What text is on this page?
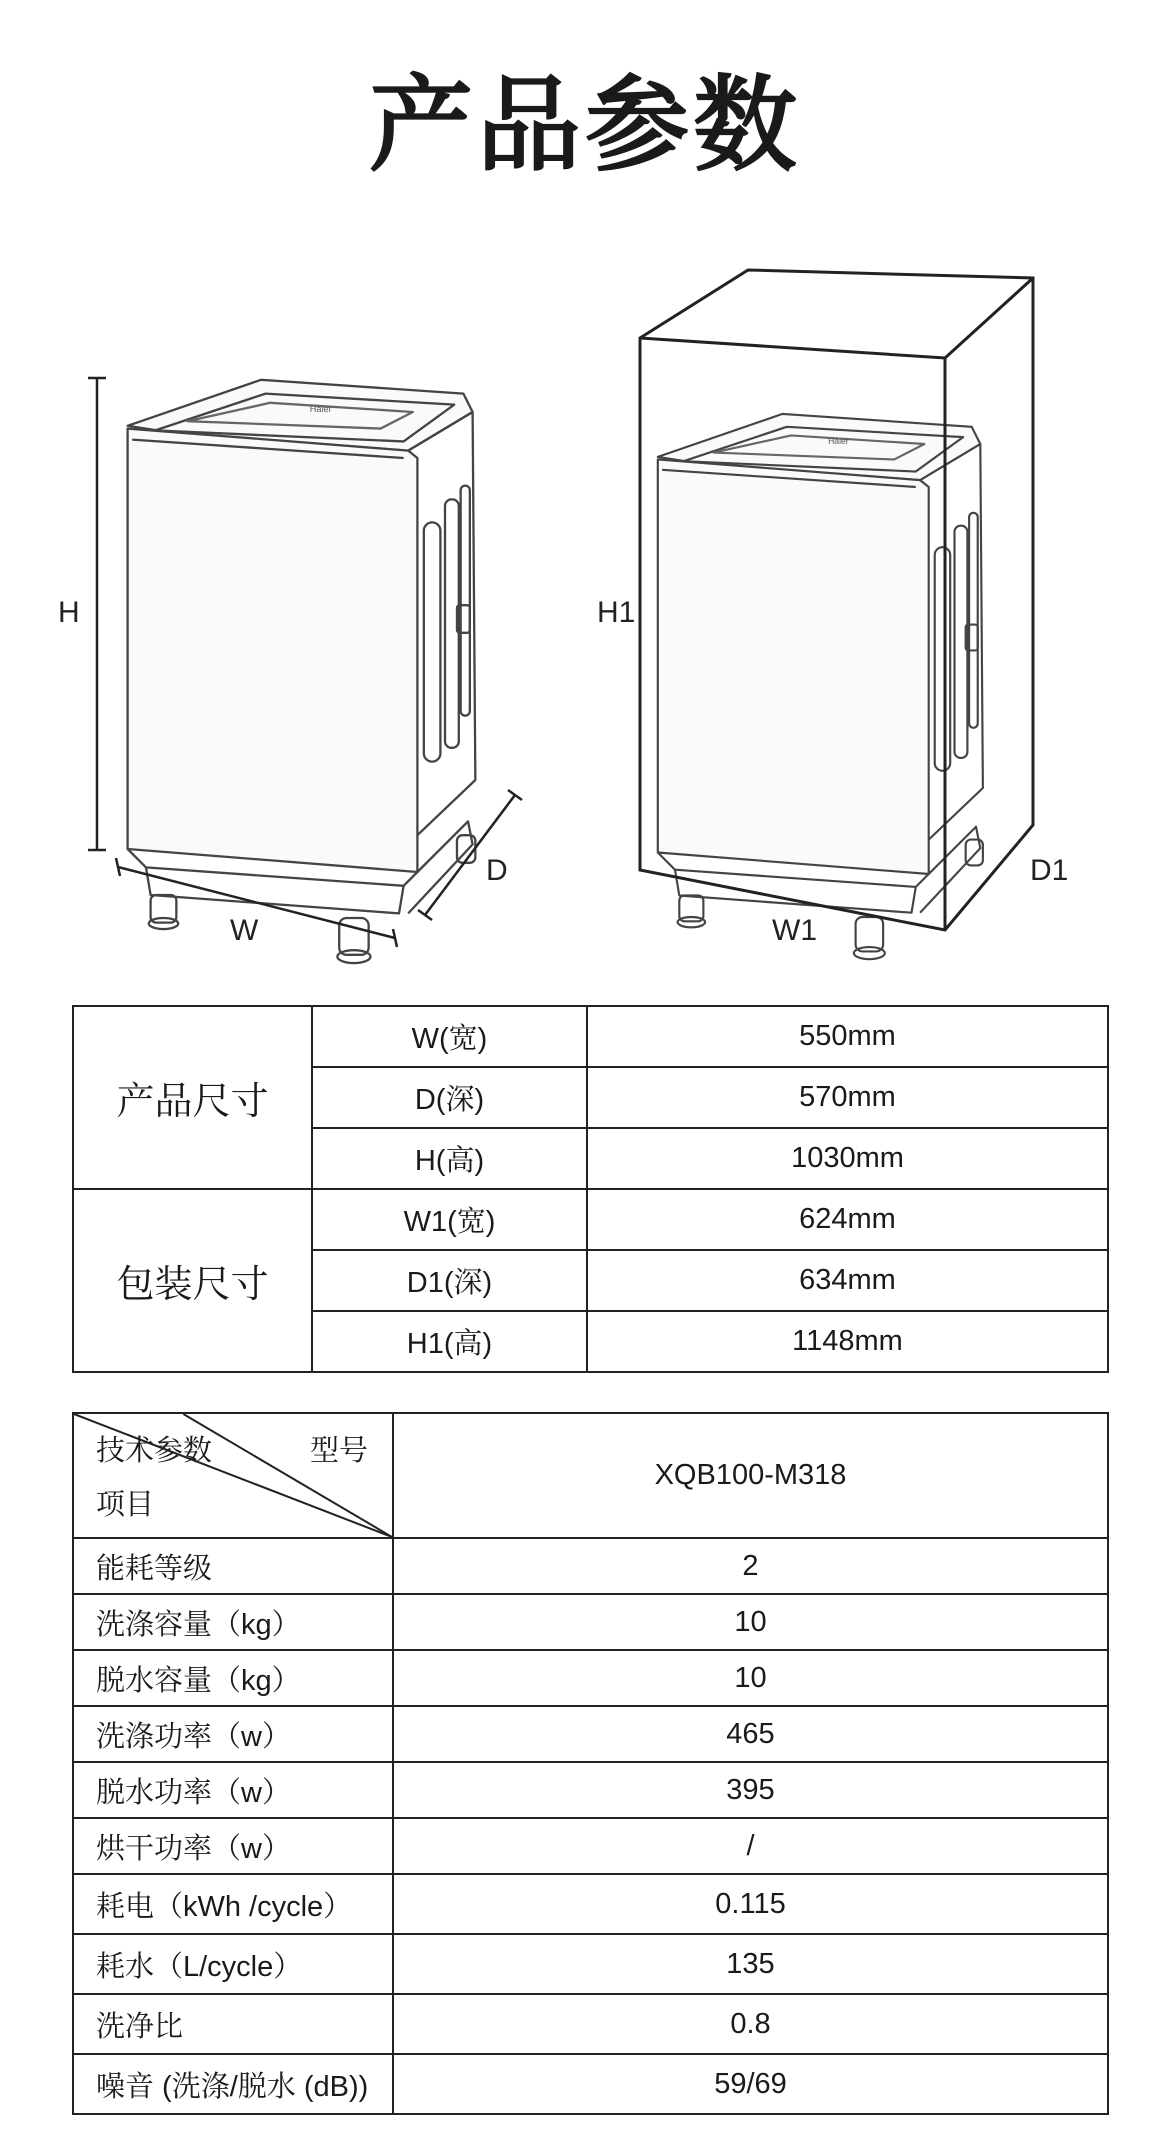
产品参数
Haier
H
W
D
H1
W1
D1
产品尺寸	W(宽)	550mm
	D(深)	570mm
	H(高)	1030mm
包装尺寸	W1(宽)	624mm
	D1(深)	634mm
	H1(高)	1148mm
技术参数 型号
项目	XQB100-M318
能耗等级	2
洗涤容量（kg）	10
脱水容量（kg）	10
洗涤功率（w）	465
脱水功率（w）	395
烘干功率（w）	/
耗电（kWh /cycle）	0.115
耗水（L/cycle）	135
洗净比	0.8
噪音 (洗涤/脱水 (dB))	59/69
